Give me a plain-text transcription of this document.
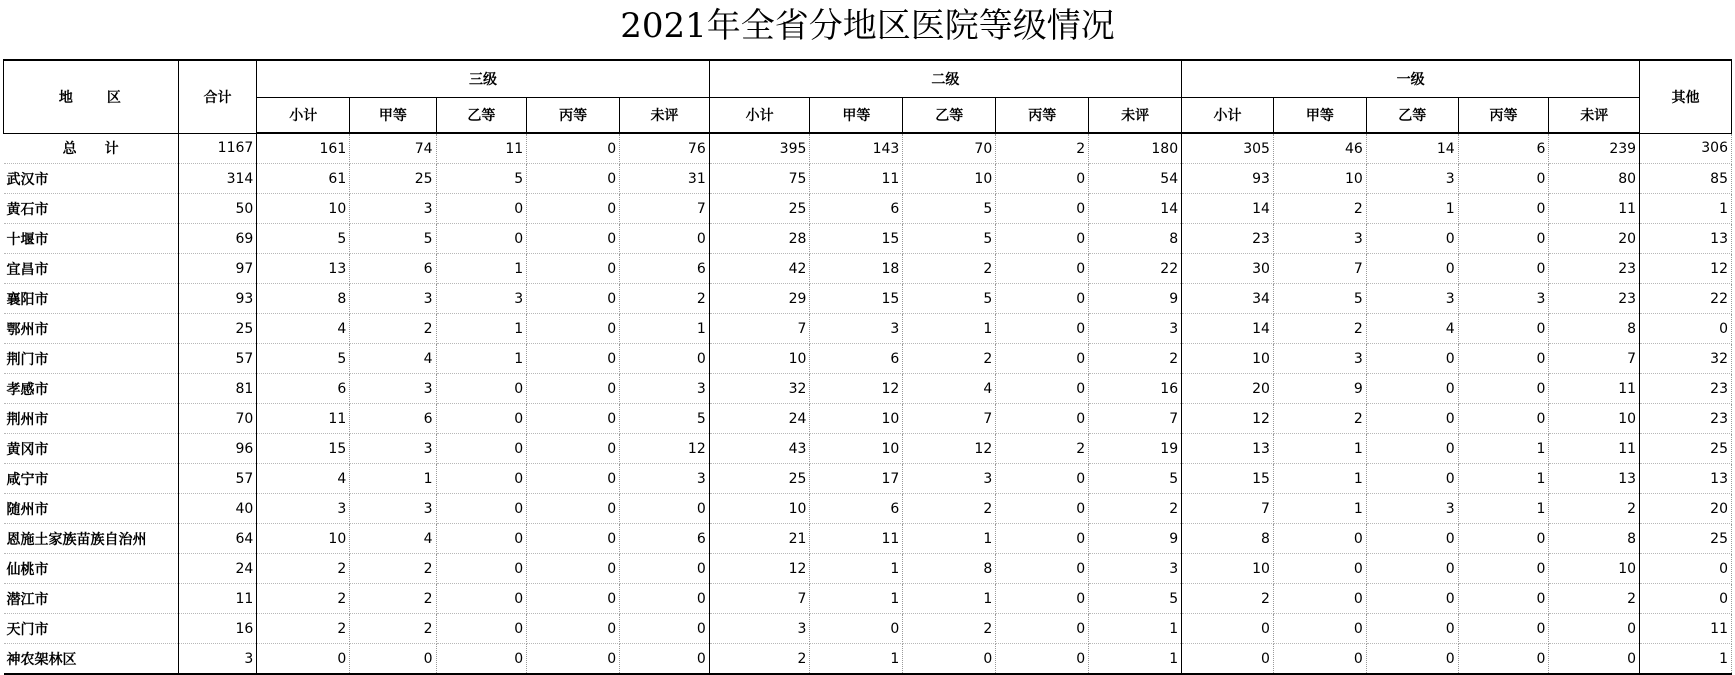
2021年全省分地区医院等级情况
地　　区	合计	三级					二级					一级					其他
		小计	甲等	乙等	丙等	未评	小计	甲等	乙等	丙等	未评	小计	甲等	乙等	丙等	未评	
总　　计	1167	161	74	11	0	76	395	143	70	2	180	305	46	14	6	239	306
武汉市	314	61	25	5	0	31	75	11	10	0	54	93	10	3	0	80	85
黄石市	50	10	3	0	0	7	25	6	5	0	14	14	2	1	0	11	1
十堰市	69	5	5	0	0	0	28	15	5	0	8	23	3	0	0	20	13
宜昌市	97	13	6	1	0	6	42	18	2	0	22	30	7	0	0	23	12
襄阳市	93	8	3	3	0	2	29	15	5	0	9	34	5	3	3	23	22
鄂州市	25	4	2	1	0	1	7	3	1	0	3	14	2	4	0	8	0
荆门市	57	5	4	1	0	0	10	6	2	0	2	10	3	0	0	7	32
孝感市	81	6	3	0	0	3	32	12	4	0	16	20	9	0	0	11	23
荆州市	70	11	6	0	0	5	24	10	7	0	7	12	2	0	0	10	23
黄冈市	96	15	3	0	0	12	43	10	12	2	19	13	1	0	1	11	25
咸宁市	57	4	1	0	0	3	25	17	3	0	5	15	1	0	1	13	13
随州市	40	3	3	0	0	0	10	6	2	0	2	7	1	3	1	2	20
恩施土家族苗族自治州	64	10	4	0	0	6	21	11	1	0	9	8	0	0	0	8	25
仙桃市	24	2	2	0	0	0	12	1	8	0	3	10	0	0	0	10	0
潜江市	11	2	2	0	0	0	7	1	1	0	5	2	0	0	0	2	0
天门市	16	2	2	0	0	0	3	0	2	0	1	0	0	0	0	0	11
神农架林区	3	0	0	0	0	0	2	1	0	0	1	0	0	0	0	0	1
